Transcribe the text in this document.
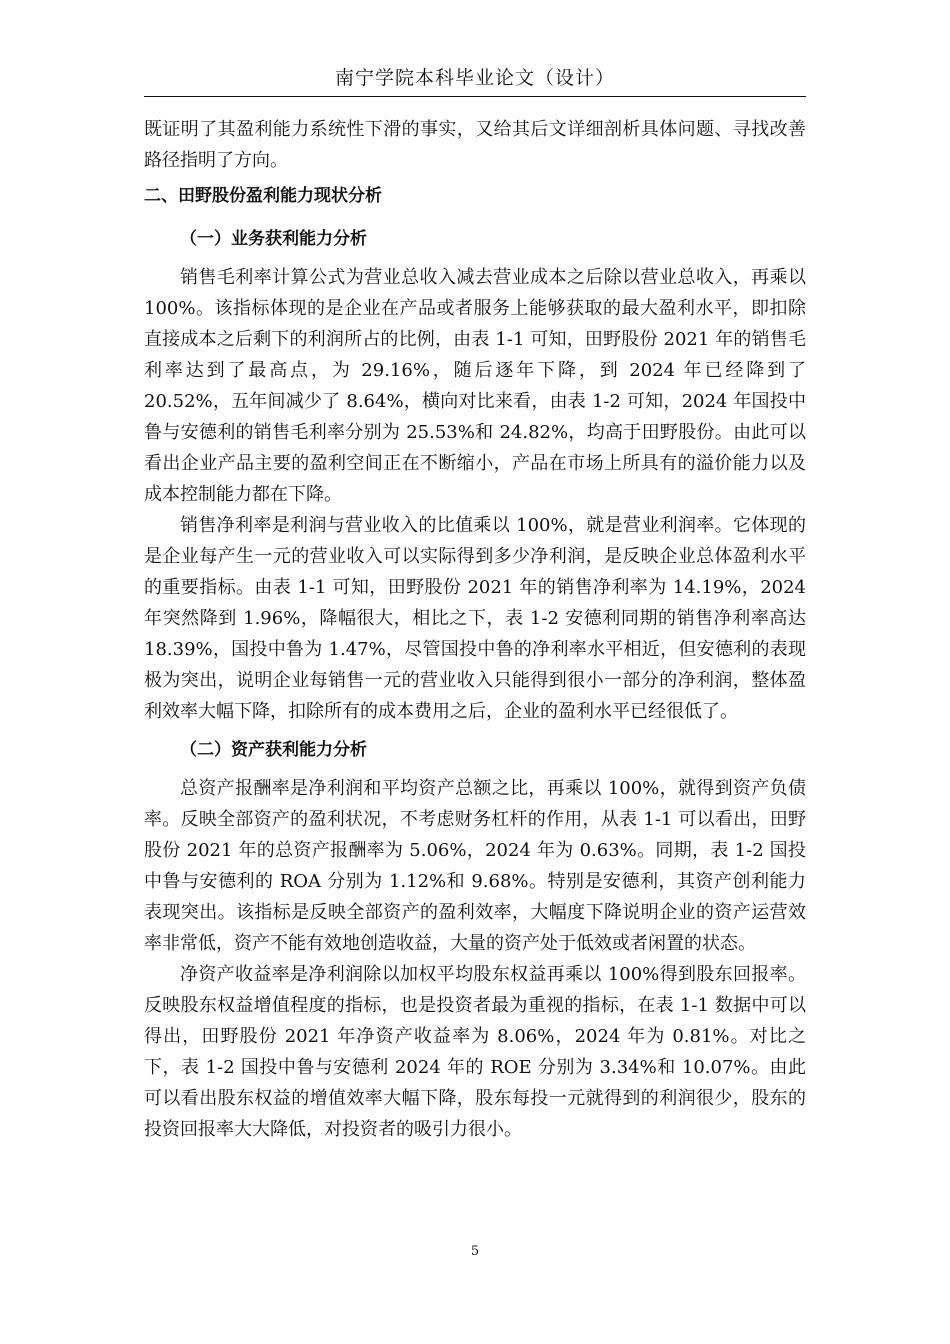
南宁学院本科毕业论文（设计）

既证明了其盈利能力系统性下滑的事实，又给其后文详细剖析具体问题、寻找改善路径指明了方向。

二、田野股份盈利能力现状分析
（一）业务获利能力分析

销售毛利率计算公式为营业总收入减去营业成本之后除以营业总收入，再乘以 100%。该指标体现的是企业在产品或者服务上能够获取的最大盈利水平，即扣除直接成本之后剩下的利润所占的比例，由表 1-1 可知，田野股份 2021 年的销售毛利率达到了最高点，为 29.16%，随后逐年下降，到 2024 年已经降到了 20.52%，五年间减少了 8.64%，横向对比来看，由表 1-2 可知，2024 年国投中鲁与安德利的销售毛利率分别为 25.53%和 24.82%，均高于田野股份。由此可以看出企业产品主要的盈利空间正在不断缩小，产品在市场上所具有的溢价能力以及成本控制能力都在下降。

销售净利率是利润与营业收入的比值乘以 100%，就是营业利润率。它体现的是企业每产生一元的营业收入可以实际得到多少净利润，是反映企业总体盈利水平的重要指标。由表 1-1 可知，田野股份 2021 年的销售净利率为 14.19%，2024 年突然降到 1.96%，降幅很大，相比之下，表 1-2 安德利同期的销售净利率高达 18.39%，国投中鲁为 1.47%，尽管国投中鲁的净利率水平相近，但安德利的表现极为突出，说明企业每销售一元的营业收入只能得到很小一部分的净利润，整体盈利效率大幅下降，扣除所有的成本费用之后，企业的盈利水平已经很低了。

（二）资产获利能力分析

总资产报酬率是净利润和平均资产总额之比，再乘以 100%，就得到资产负债率。反映全部资产的盈利状况，不考虑财务杠杆的作用，从表 1-1 可以看出，田野股份 2021 年的总资产报酬率为 5.06%，2024 年为 0.63%。同期，表 1-2 国投中鲁与安德利的 ROA 分别为 1.12%和 9.68%。特别是安德利，其资产创利能力表现突出。该指标是反映全部资产的盈利效率，大幅度下降说明企业的资产运营效率非常低，资产不能有效地创造收益，大量的资产处于低效或者闲置的状态。

净资产收益率是净利润除以加权平均股东权益再乘以 100%得到股东回报率。反映股东权益增值程度的指标，也是投资者最为重视的指标，在表 1-1 数据中可以得出，田野股份 2021 年净资产收益率为 8.06%，2024 年为 0.81%。对比之下，表 1-2 国投中鲁与安德利 2024 年的 ROE 分别为 3.34%和 10.07%。由此可以看出股东权益的增值效率大幅下降，股东每投一元就得到的利润很少，股东的投资回报率大大降低，对投资者的吸引力很小。

5
